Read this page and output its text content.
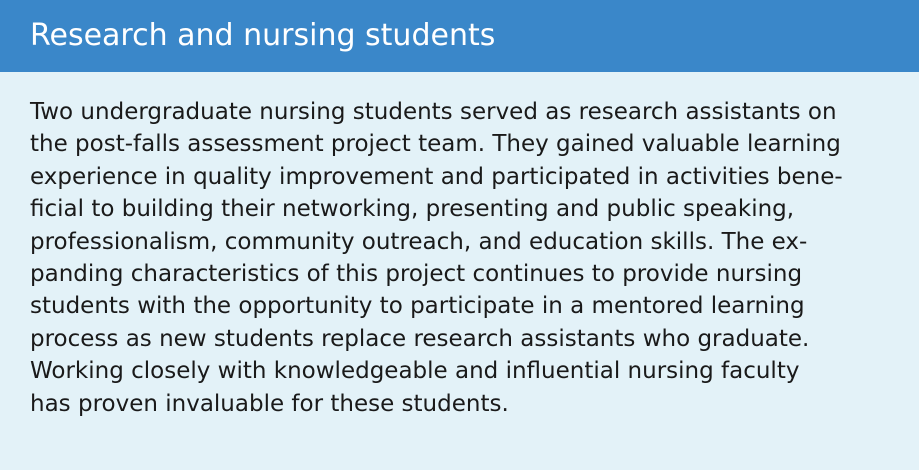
Research and nursing students
Two undergraduate nursing students served as research assistants on
the post-falls assessment project team. They gained valuable learning
experience in quality improvement and participated in activities bene-
ficial to building their networking, presenting and public speaking,
professionalism, community outreach, and education skills. The ex-
panding characteristics of this project continues to provide nursing
students with the opportunity to participate in a mentored learning
process as new students replace research assistants who graduate.
Working closely with knowledgeable and influential nursing faculty
has proven invaluable for these students.
